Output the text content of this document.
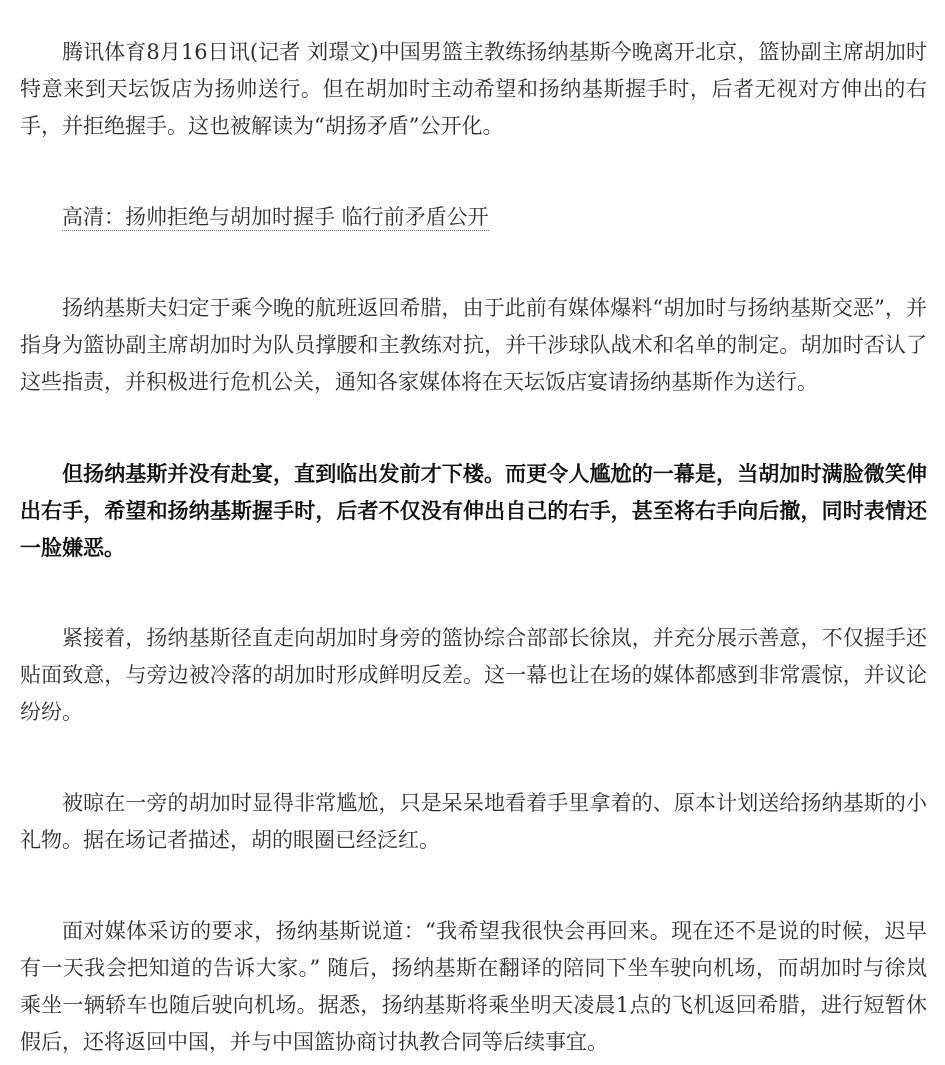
腾讯体育8月16日讯(记者 刘璟文)中国男篮主教练扬纳基斯今晚离开北京，篮协副主席胡加时特意来到天坛饭店为扬帅送行。但在胡加时主动希望和扬纳基斯握手时，后者无视对方伸出的右手，并拒绝握手。这也被解读为“胡扬矛盾”公开化。

高清：扬帅拒绝与胡加时握手 临行前矛盾公开

扬纳基斯夫妇定于乘今晚的航班返回希腊，由于此前有媒体爆料“胡加时与扬纳基斯交恶”，并指身为篮协副主席胡加时为队员撑腰和主教练对抗，并干涉球队战术和名单的制定。胡加时否认了这些指责，并积极进行危机公关，通知各家媒体将在天坛饭店宴请扬纳基斯作为送行。

但扬纳基斯并没有赴宴，直到临出发前才下楼。而更令人尴尬的一幕是，当胡加时满脸微笑伸出右手，希望和扬纳基斯握手时，后者不仅没有伸出自己的右手，甚至将右手向后撤，同时表情还一脸嫌恶。

紧接着，扬纳基斯径直走向胡加时身旁的篮协综合部部长徐岚，并充分展示善意，不仅握手还贴面致意，与旁边被冷落的胡加时形成鲜明反差。这一幕也让在场的媒体都感到非常震惊，并议论纷纷。

被晾在一旁的胡加时显得非常尴尬，只是呆呆地看着手里拿着的、原本计划送给扬纳基斯的小礼物。据在场记者描述，胡的眼圈已经泛红。

面对媒体采访的要求，扬纳基斯说道：“我希望我很快会再回来。现在还不是说的时候，迟早有一天我会把知道的告诉大家。” 随后，扬纳基斯在翻译的陪同下坐车驶向机场，而胡加时与徐岚乘坐一辆轿车也随后驶向机场。据悉，扬纳基斯将乘坐明天凌晨1点的飞机返回希腊，进行短暂休假后，还将返回中国，并与中国篮协商讨执教合同等后续事宜。
